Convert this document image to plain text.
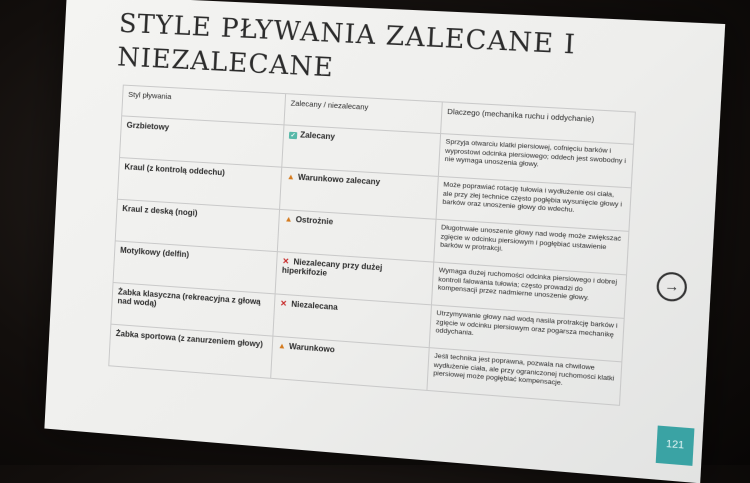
STYLE PŁYWANIA ZALECANE I NIEZALECANE
Styl pływania	Zalecany / niezalecany	Dlaczego (mechanika ruchu i oddychanie)
Grzbietowy	✓ Zalecany	Sprzyja otwarciu klatki piersiowej, cofnięciu barków i wyprostowi odcinka piersiowego; oddech jest swobodny i nie wymaga unoszenia głowy.
Kraul (z kontrolą oddechu)	▲ Warunkowo zalecany	Może poprawiać rotację tułowia i wydłużenie osi ciała, ale przy złej technice często pogłębia wysunięcie głowy i barków oraz unoszenie głowy do wdechu.
Kraul z deską (nogi)	▲ Ostrożnie	Długotrwałe unoszenie głowy nad wodę może zwiększać zgięcie w odcinku piersiowym i pogłębiać ustawienie barków w protrakcji.
Motylkowy (delfin)	✕ Niezalecany przy dużej hiperkifozie	Wymaga dużej ruchomości odcinka piersiowego i dobrej kontroli falowania tułowia; często prowadzi do kompensacji przez nadmierne unoszenie głowy.
Żabka klasyczna (rekreacyjna z głową nad wodą)	✕ Niezalecana	Utrzymywanie głowy nad wodą nasila protrakcję barków i zgięcie w odcinku piersiowym oraz pogarsza mechanikę oddychania.
Żabka sportowa (z zanurzeniem głowy)	▲ Warunkowo	Jeśli technika jest poprawna, pozwala na chwilowe wydłużenie ciała, ale przy ograniczonej ruchomości klatki piersiowej może pogłębiać kompensacje.
→
121
